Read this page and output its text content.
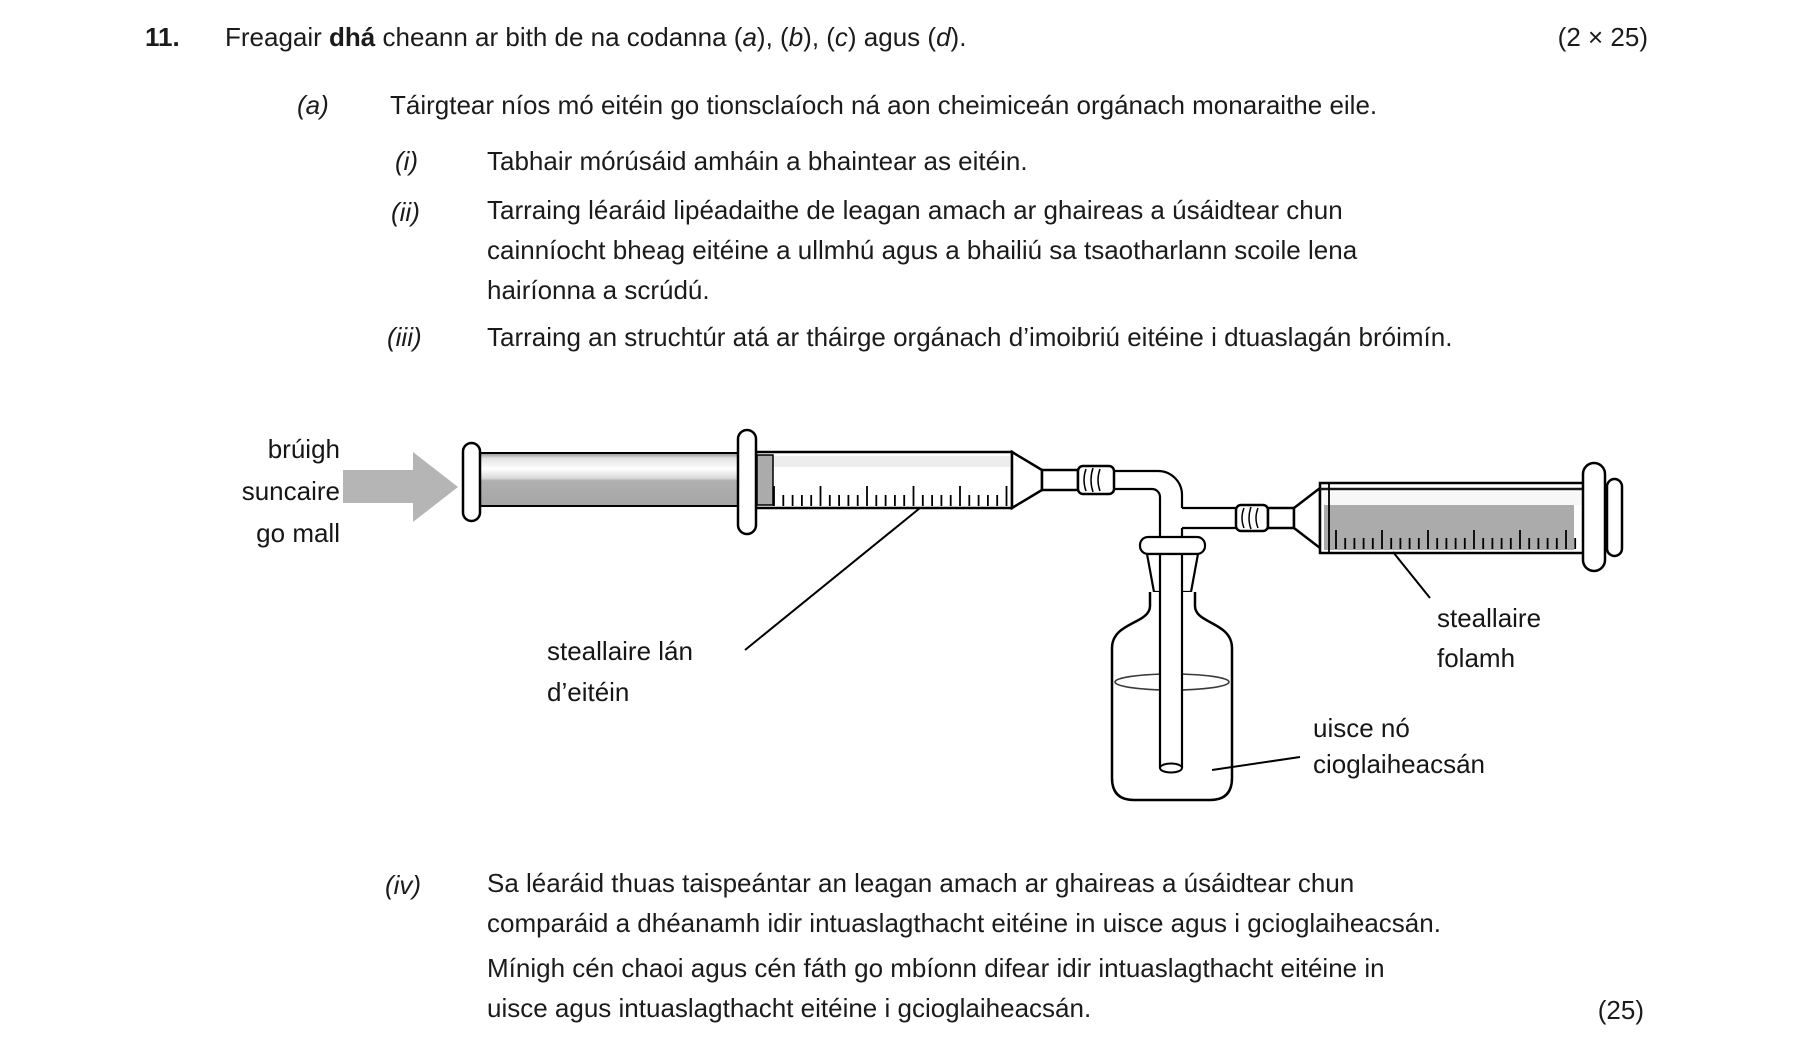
11. Freagair dhá cheann ar bith de na codanna (a), (b), (c) agus (d).	(2 × 25)
(a) Táirgtear níos mó eitéin go tionsclaíoch ná aon cheimiceán orgánach monaraithe eile.
(i)	Tabhair mórúsáid amháin a bhaintear as eitéin.
(ii)	Tarraing léaráid lipéadaithe de leagan amach ar ghaireas a úsáidtear chun
cainníocht bheag eitéine a ullmhú agus a bhailiú sa tsaotharlann scoile lena
hairíonna a scrúdú.
(iii)	Tarraing an struchtúr atá ar tháirge orgánach d’imoibriú eitéine i dtuaslagán bróimín.
brúigh
suncaire
go mall
steallaire lán
d’eitéin
steallaire
folamh
uisce nó
cioglaiheacsán
(iv)	Sa léaráid thuas taispeántar an leagan amach ar ghaireas a úsáidtear chun
comparáid a dhéanamh idir intuaslagthacht eitéine in uisce agus i gcioglaiheacsán.
Mínigh cén chaoi agus cén fáth go mbíonn difear idir intuaslagthacht eitéine in
uisce agus intuaslagthacht eitéine i gcioglaiheacsán.	(25)
